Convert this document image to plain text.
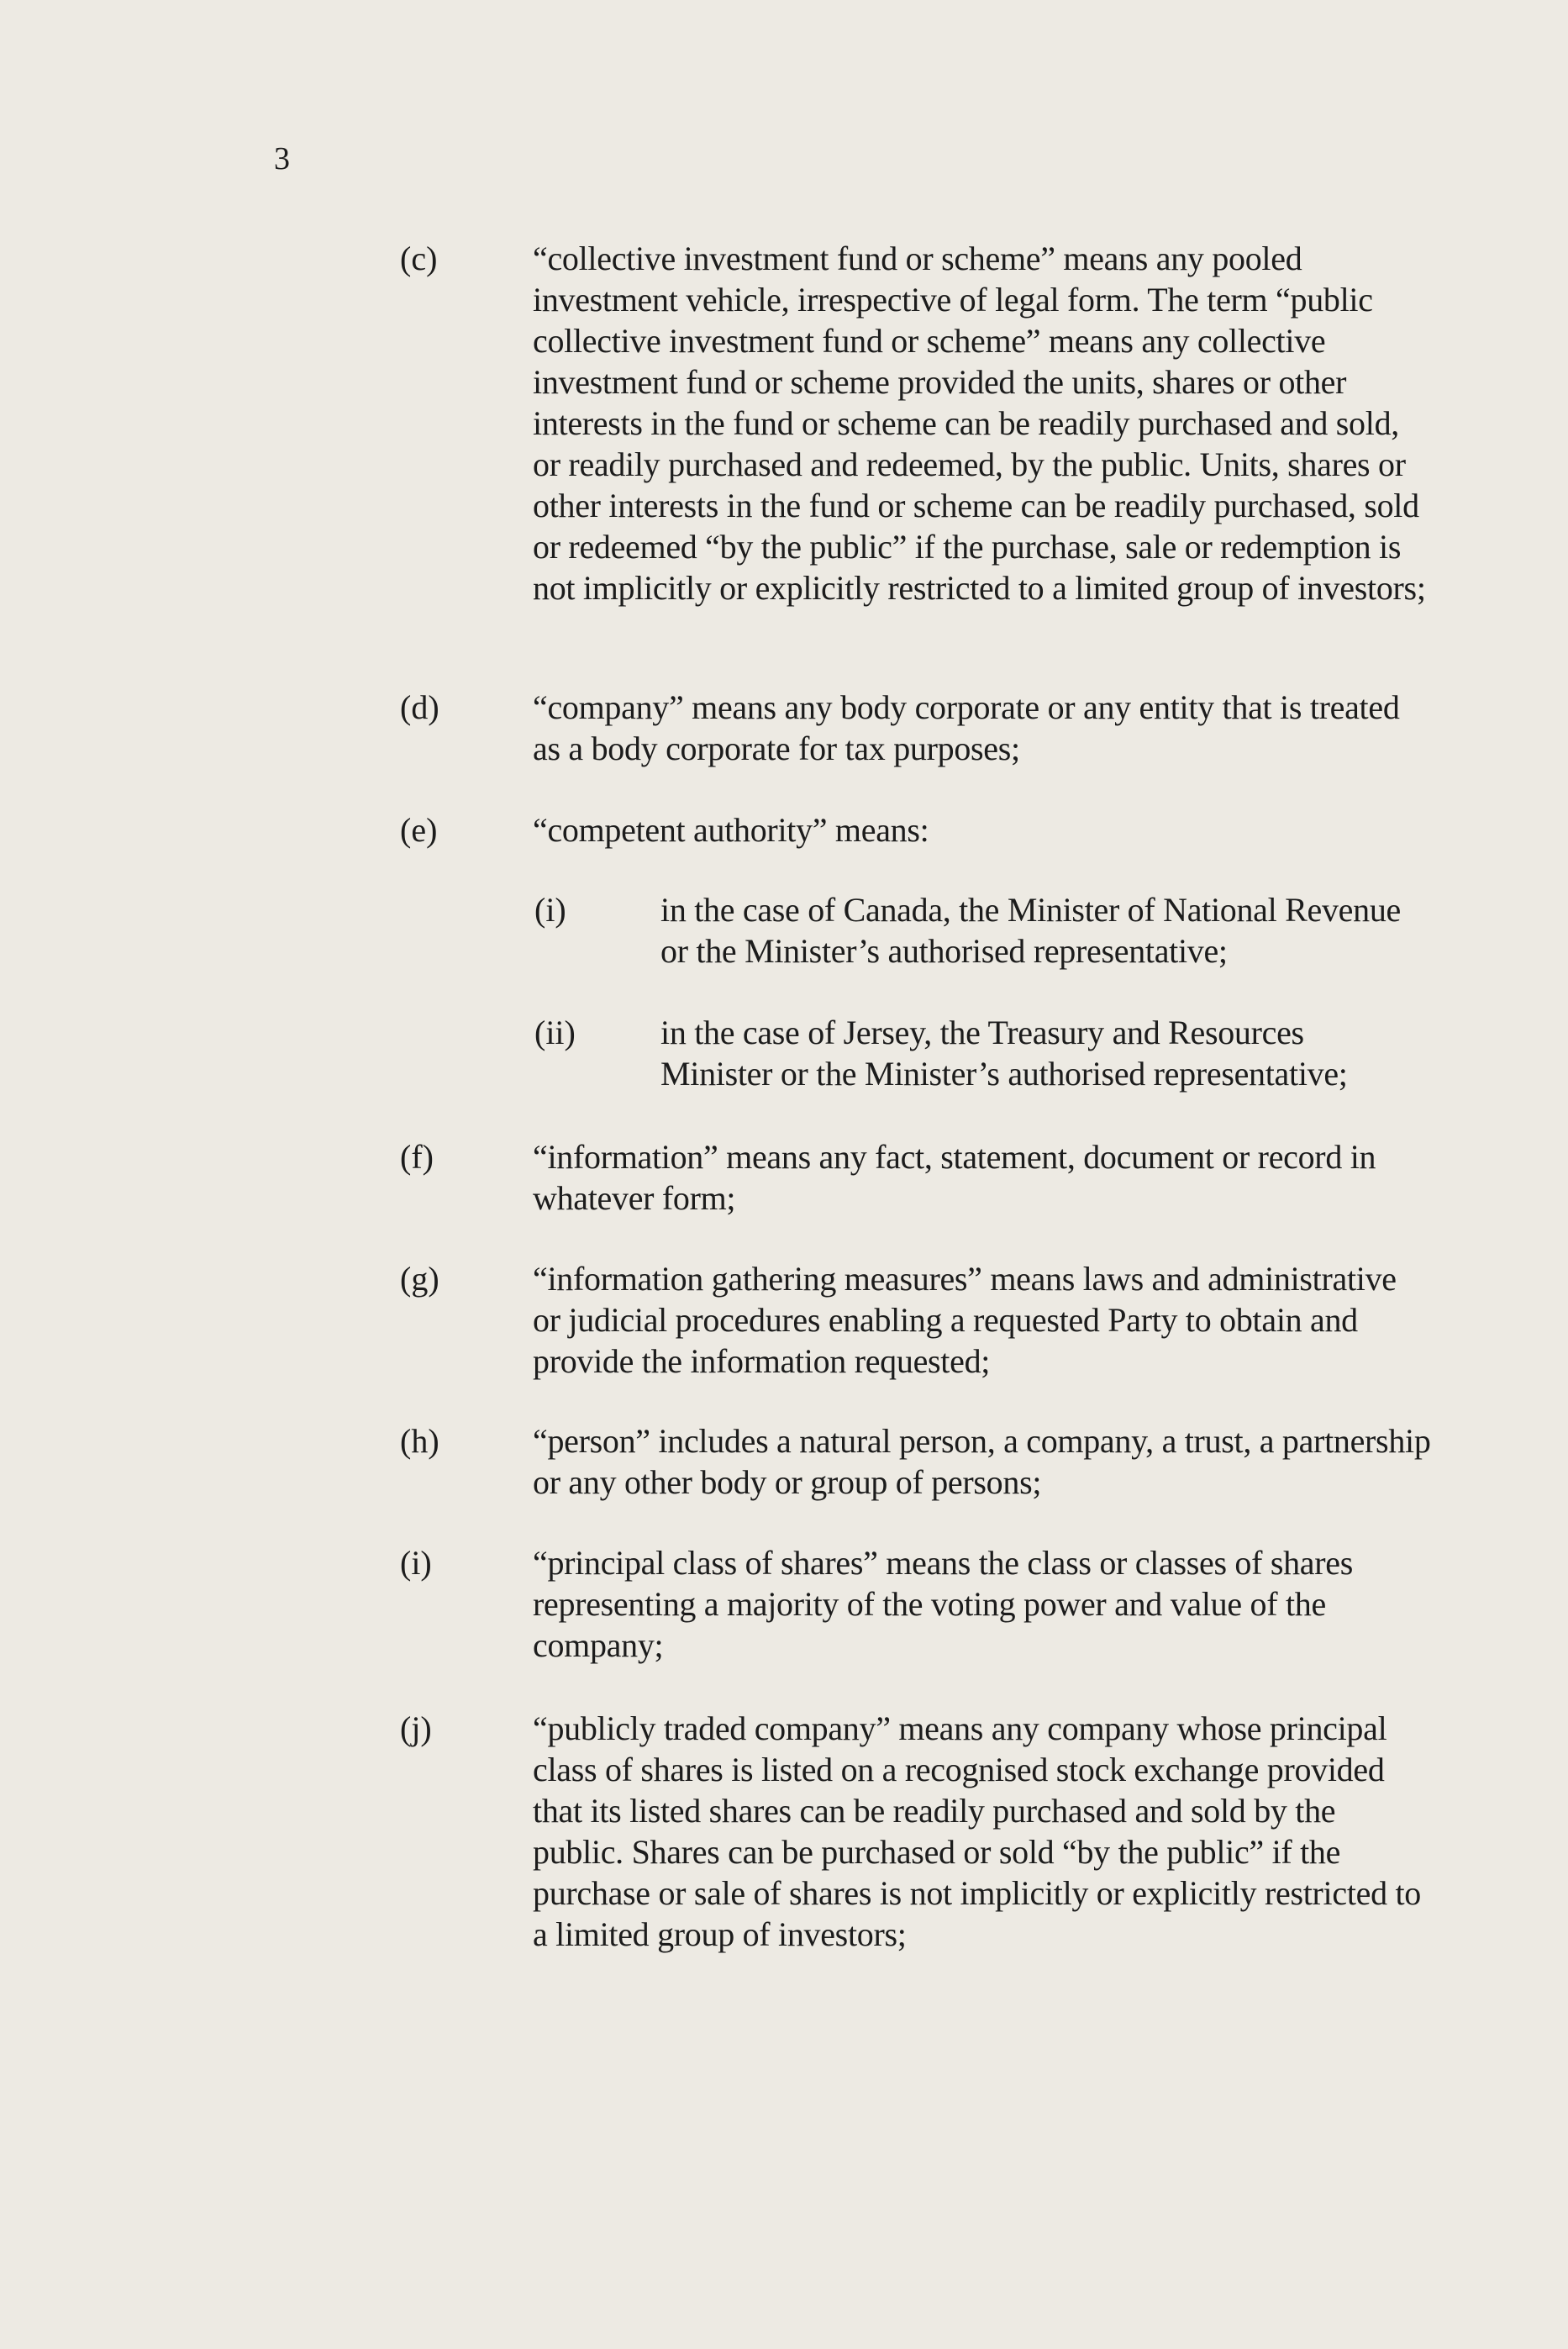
3
(c)	“collective investment fund or scheme” means any pooled investment vehicle, irrespective of legal form. The term “public collective investment fund or scheme” means any collective investment fund or scheme provided the units, shares or other interests in the fund or scheme can be readily purchased and sold, or readily purchased and redeemed, by the public. Units, shares or other interests in the fund or scheme can be readily purchased, sold or redeemed “by the public” if the purchase, sale or redemption is not implicitly or explicitly restricted to a limited group of investors;
(d)	“company” means any body corporate or any entity that is treated as a body corporate for tax purposes;
(e)	“competent authority” means:
(i)	in the case of Canada, the Minister of National Revenue or the Minister’s authorised representative;
(ii)	in the case of Jersey, the Treasury and Resources Minister or the Minister’s authorised representative;
(f)	“information” means any fact, statement, document or record in whatever form;
(g)	“information gathering measures” means laws and administrative or judicial procedures enabling a requested Party to obtain and provide the information requested;
(h)	“person” includes a natural person, a company, a trust, a partnership or any other body or group of persons;
(i)	“principal class of shares” means the class or classes of shares representing a majority of the voting power and value of the company;
(j)	“publicly traded company” means any company whose principal class of shares is listed on a recognised stock exchange provided that its listed shares can be readily purchased and sold by the public. Shares can be purchased or sold “by the public” if the purchase or sale of shares is not implicitly or explicitly restricted to a limited group of investors;
